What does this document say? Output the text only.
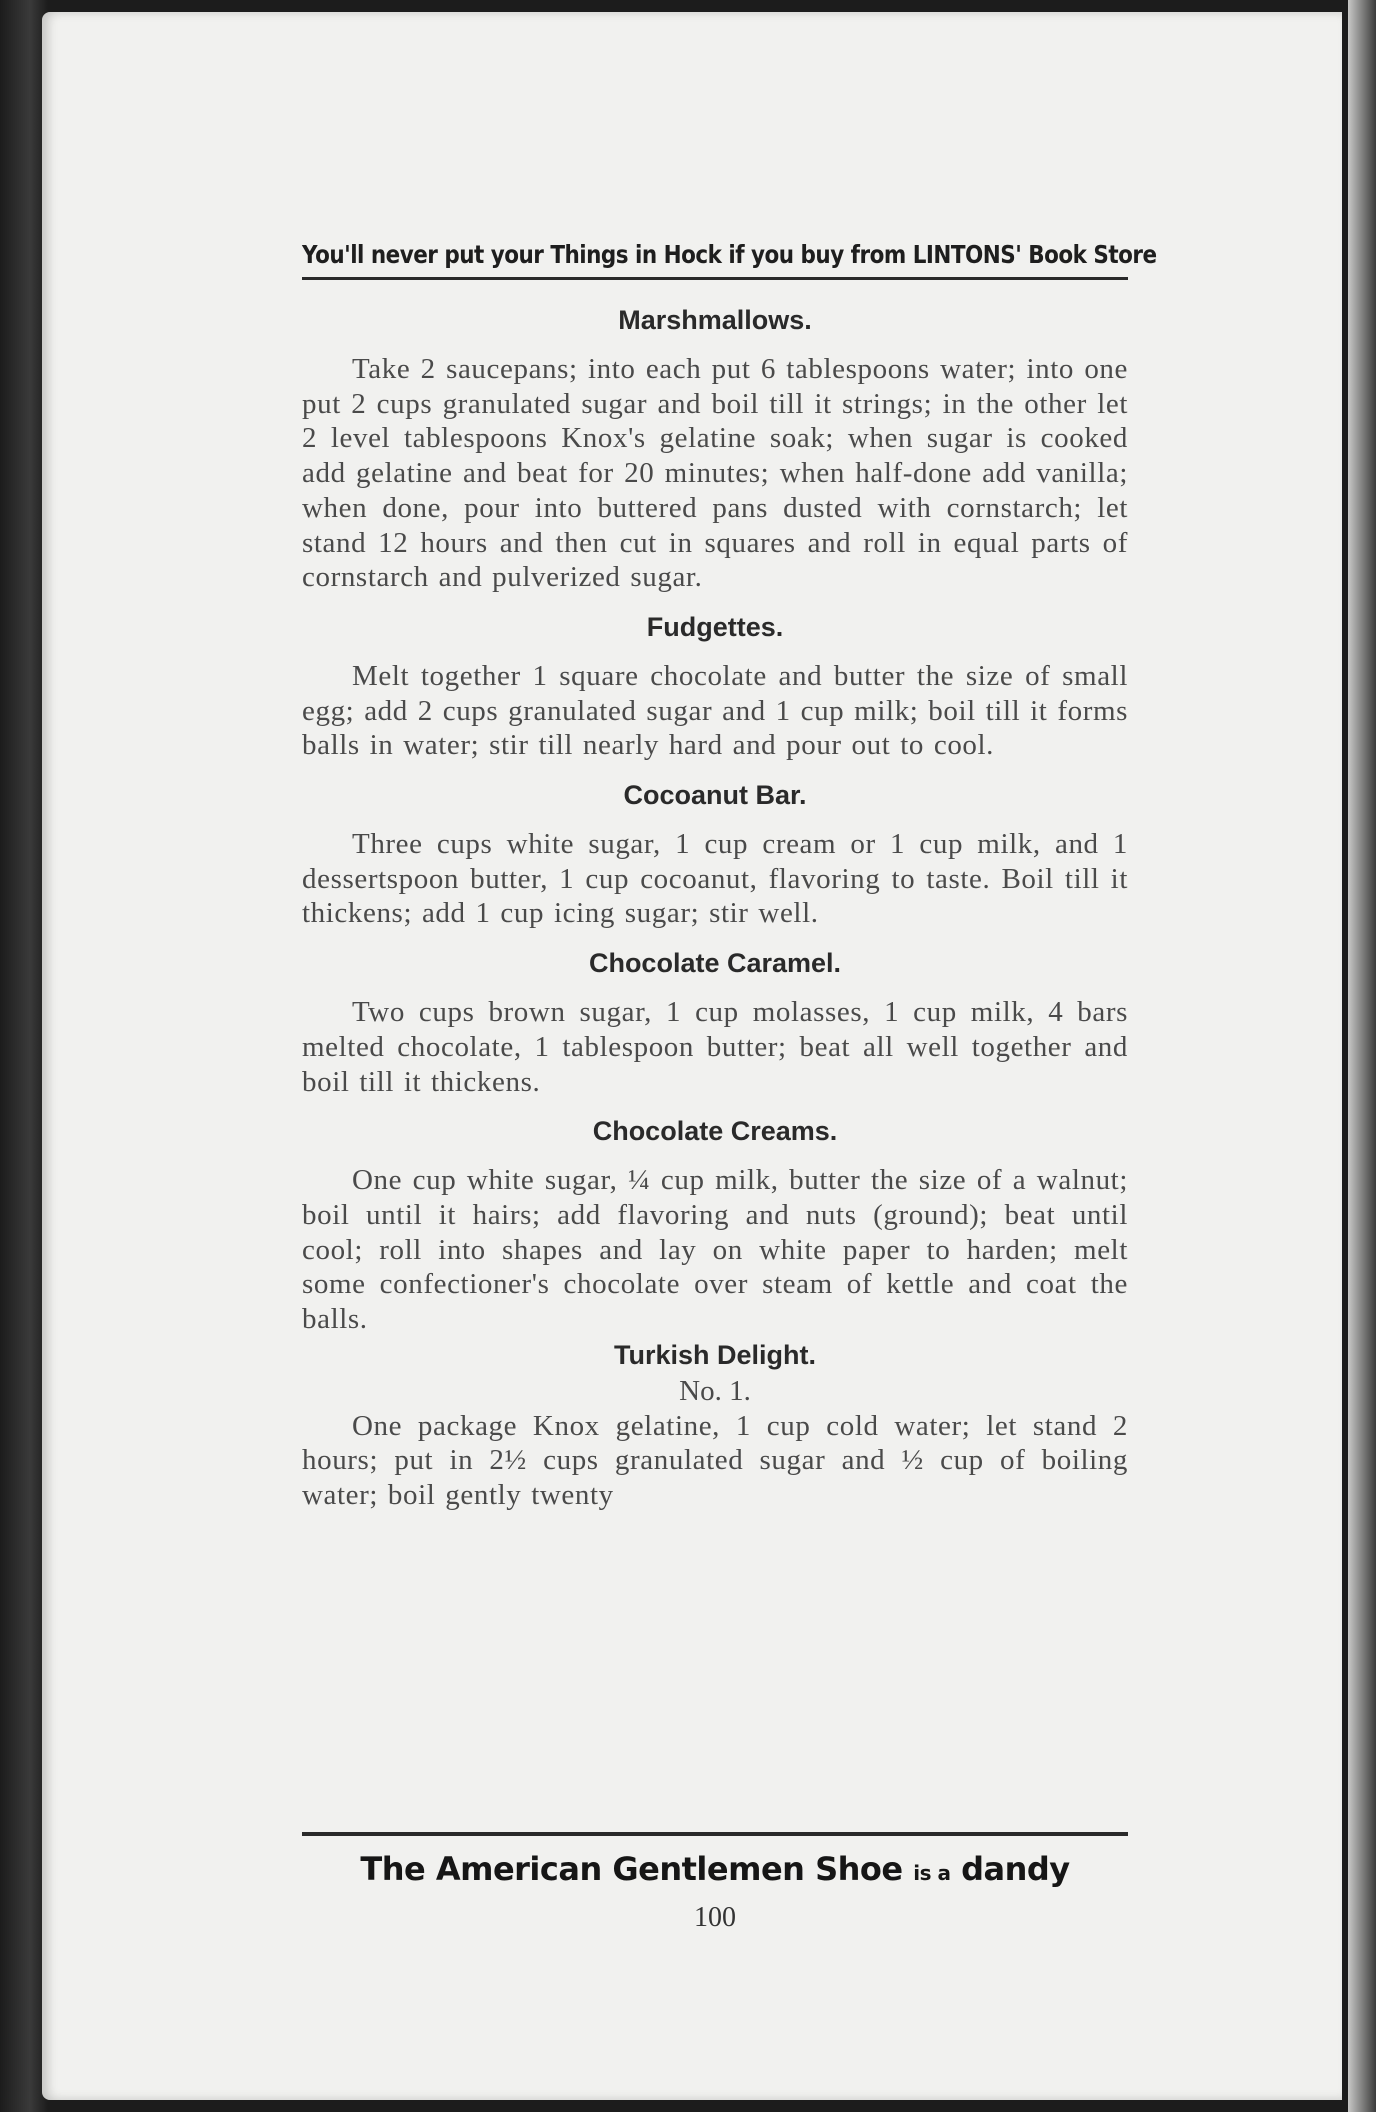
You'll never put your Things in Hock if you buy from LINTONS' Book Store
Marshmallows.

Take 2 saucepans; into each put 6 tablespoons water; into one put 2 cups granulated sugar and boil till it strings; in the other let 2 level tablespoons Knox's gelatine soak; when sugar is cooked add gelatine and beat for 20 minutes; when half-done add vanilla; when done, pour into buttered pans dusted with cornstarch; let stand 12 hours and then cut in squares and roll in equal parts of cornstarch and pulverized sugar.

Fudgettes.

Melt together 1 square chocolate and butter the size of small egg; add 2 cups granulated sugar and 1 cup milk; boil till it forms balls in water; stir till nearly hard and pour out to cool.

Cocoanut Bar.

Three cups white sugar, 1 cup cream or 1 cup milk, and 1 dessertspoon butter, 1 cup cocoanut, flavoring to taste. Boil till it thickens; add 1 cup icing sugar; stir well.

Chocolate Caramel.

Two cups brown sugar, 1 cup molasses, 1 cup milk, 4 bars melted chocolate, 1 tablespoon butter; beat all well together and boil till it thickens.

Chocolate Creams.

One cup white sugar, ¼ cup milk, butter the size of a walnut; boil until it hairs; add flavoring and nuts (ground); beat until cool; roll into shapes and lay on white paper to harden; melt some confectioner's chocolate over steam of kettle and coat the balls.

Turkish Delight.
No. 1.

One package Knox gelatine, 1 cup cold water; let stand 2 hours; put in 2½ cups granulated sugar and ½ cup of boiling water; boil gently twenty

The American Gentlemen Shoe is a dandy
100
